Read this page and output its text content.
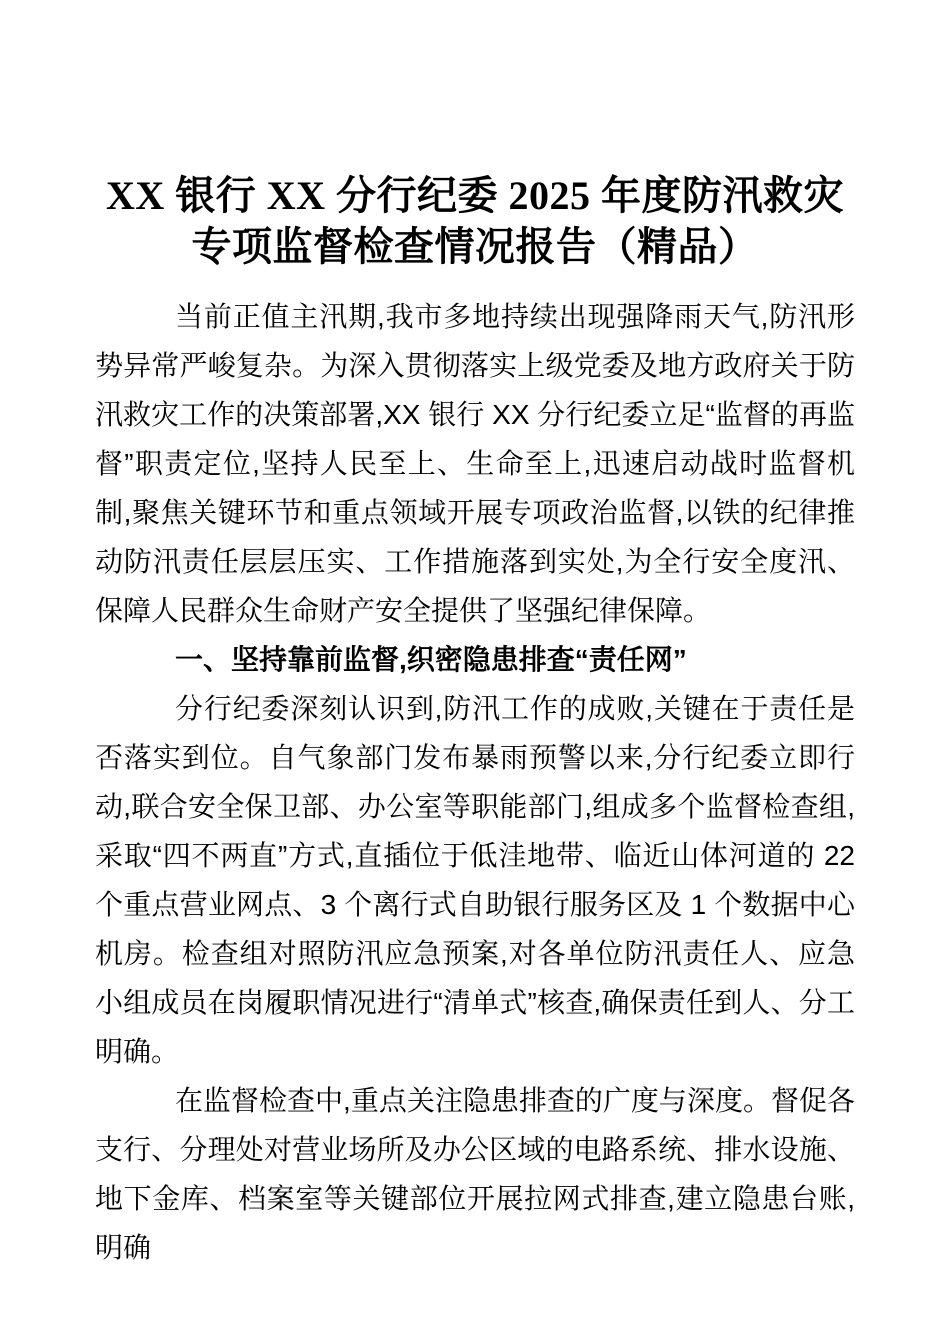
XX 银行 XX 分行纪委 2025 年度防汛救灾
专项监督检查情况报告（精品）

当前正值主汛期,我市多地持续出现强降雨天气,防汛形势异常严峻复杂。为深入贯彻落实上级党委及地方政府关于防汛救灾工作的决策部署,XX 银行 XX 分行纪委立足“监督的再监督”职责定位,坚持人民至上、生命至上,迅速启动战时监督机制,聚焦关键环节和重点领域开展专项政治监督,以铁的纪律推动防汛责任层层压实、工作措施落到实处,为全行安全度汛、保障人民群众生命财产安全提供了坚强纪律保障。

一、坚持靠前监督,织密隐患排查“责任网”

分行纪委深刻认识到,防汛工作的成败,关键在于责任是否落实到位。自气象部门发布暴雨预警以来,分行纪委立即行动,联合安全保卫部、办公室等职能部门,组成多个监督检查组,采取“四不两直”方式,直插位于低洼地带、临近山体河道的 22 个重点营业网点、3 个离行式自助银行服务区及 1 个数据中心机房。检查组对照防汛应急预案,对各单位防汛责任人、应急小组成员在岗履职情况进行“清单式”核查,确保责任到人、分工明确。

在监督检查中,重点关注隐患排查的广度与深度。督促各支行、分理处对营业场所及办公区域的电路系统、排水设施、地下金库、档案室等关键部位开展拉网式排查,建立隐患台账,明确
